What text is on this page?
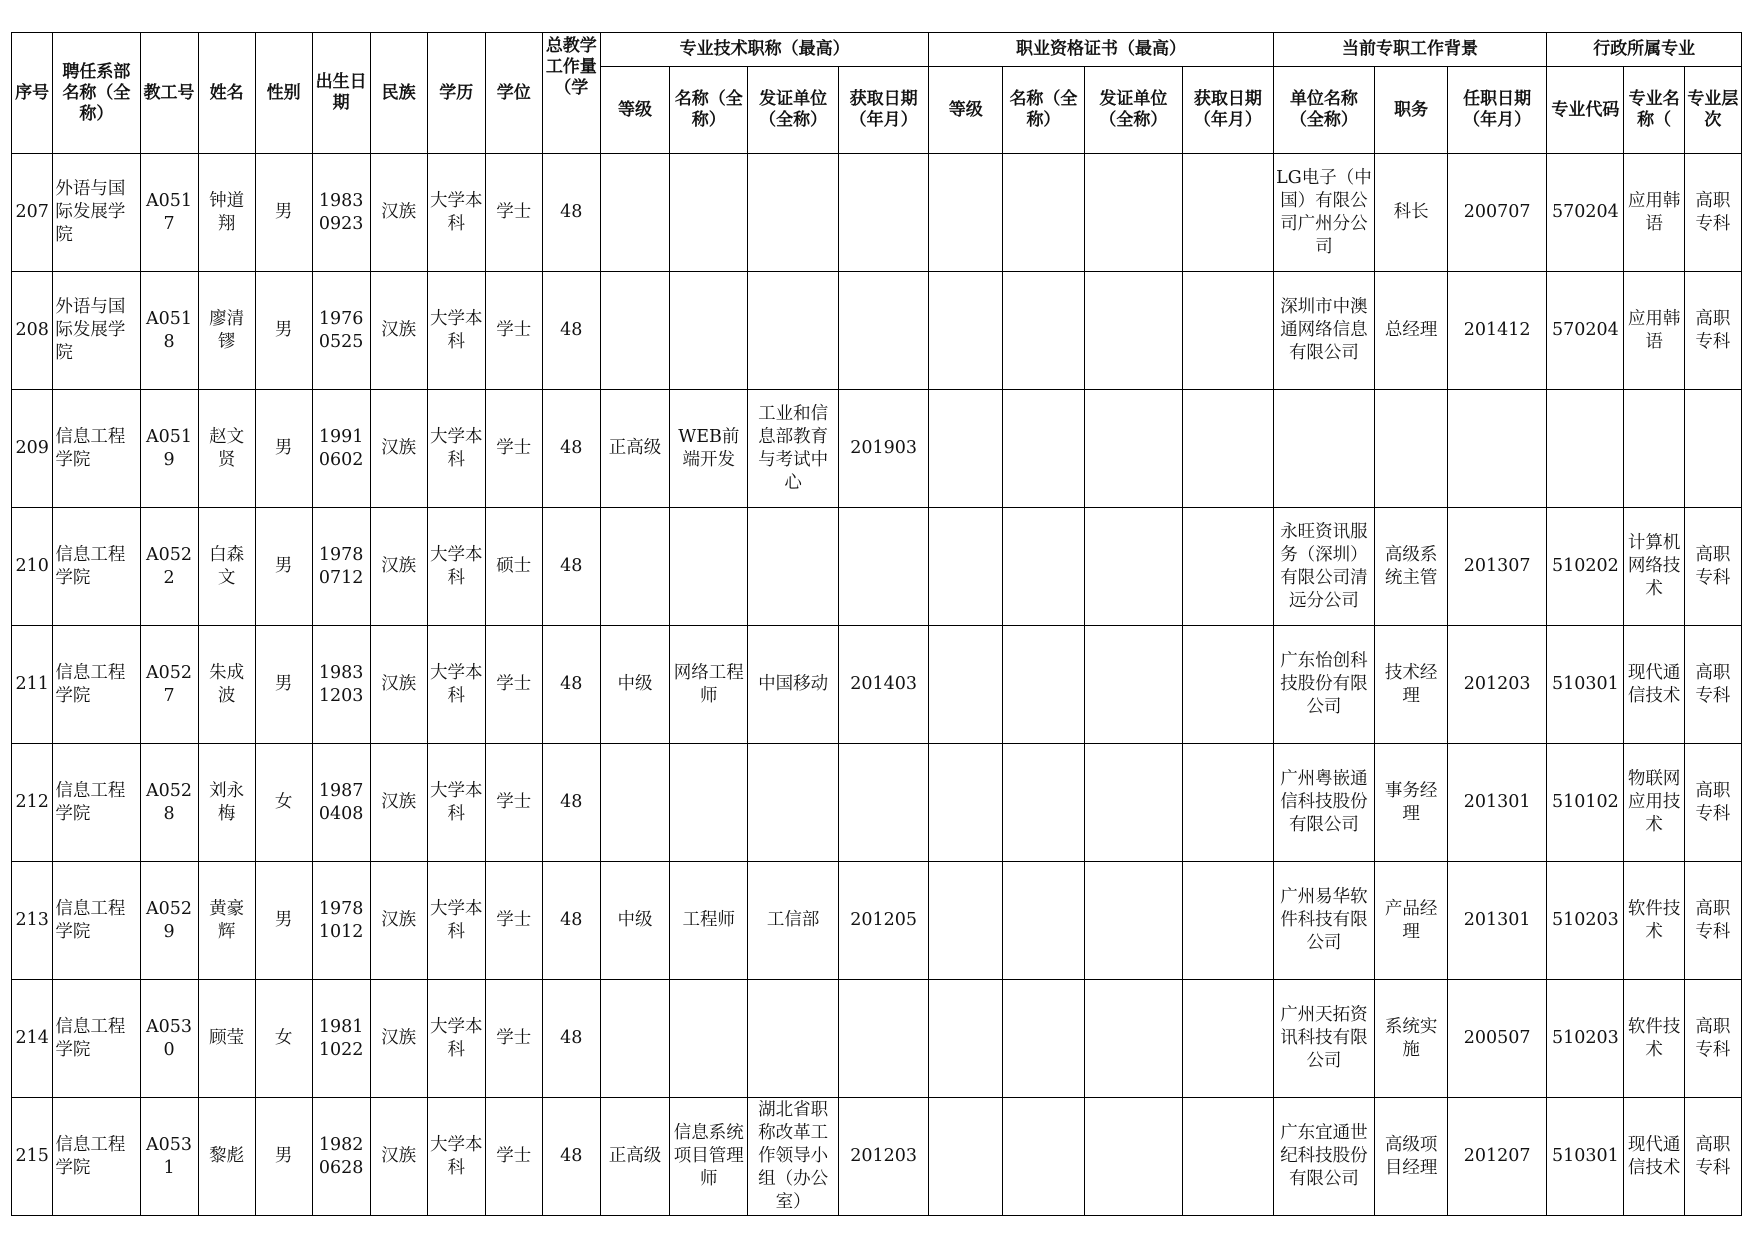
序号	聘任系部名称（全称）	教工号	姓名	性别	出生日期	民族	学历	学位	总教学工作量（学	专业技术职称（最高）				职业资格证书（最高）				当前专职工作背景			行政所属专业		
										等级	名称（全称）	发证单位（全称）	获取日期（年月）	等级	名称（全称）	发证单位（全称）	获取日期（年月）	单位名称（全称）	职务	任职日期（年月）	专业代码	专业名称（	专业层次
207	外语与国际发展学院	A0517	钟道翔	男	19830923	汉族	大学本科	学士	48									LG电子（中国）有限公司广州分公司	科长	200707	570204	应用韩语	高职专科
208	外语与国际发展学院	A0518	廖清镠	男	19760525	汉族	大学本科	学士	48									深圳市中澳通网络信息有限公司	总经理	201412	570204	应用韩语	高职专科
209	信息工程学院	A0519	赵文贤	男	19910602	汉族	大学本科	学士	48	正高级	WEB前端开发	工业和信息部教育与考试中心	201903										
210	信息工程学院	A0522	白森文	男	19780712	汉族	大学本科	硕士	48									永旺资讯服务（深圳）有限公司清远分公司	高级系统主管	201307	510202	计算机网络技术	高职专科
211	信息工程学院	A0527	朱成波	男	19831203	汉族	大学本科	学士	48	中级	网络工程师	中国移动	201403					广东怡创科技股份有限公司	技术经理	201203	510301	现代通信技术	高职专科
212	信息工程学院	A0528	刘永梅	女	19870408	汉族	大学本科	学士	48									广州粤嵌通信科技股份有限公司	事务经理	201301	510102	物联网应用技术	高职专科
213	信息工程学院	A0529	黄豪辉	男	19781012	汉族	大学本科	学士	48	中级	工程师	工信部	201205					广州易华软件科技有限公司	产品经理	201301	510203	软件技术	高职专科
214	信息工程学院	A0530	顾莹	女	19811022	汉族	大学本科	学士	48									广州天拓资讯科技有限公司	系统实施	200507	510203	软件技术	高职专科
215	信息工程学院	A0531	黎彪	男	19820628	汉族	大学本科	学士	48	正高级	信息系统项目管理师	湖北省职称改革工作领导小组（办公室）	201203					广东宜通世纪科技股份有限公司	高级项目经理	201207	510301	现代通信技术	高职专科
